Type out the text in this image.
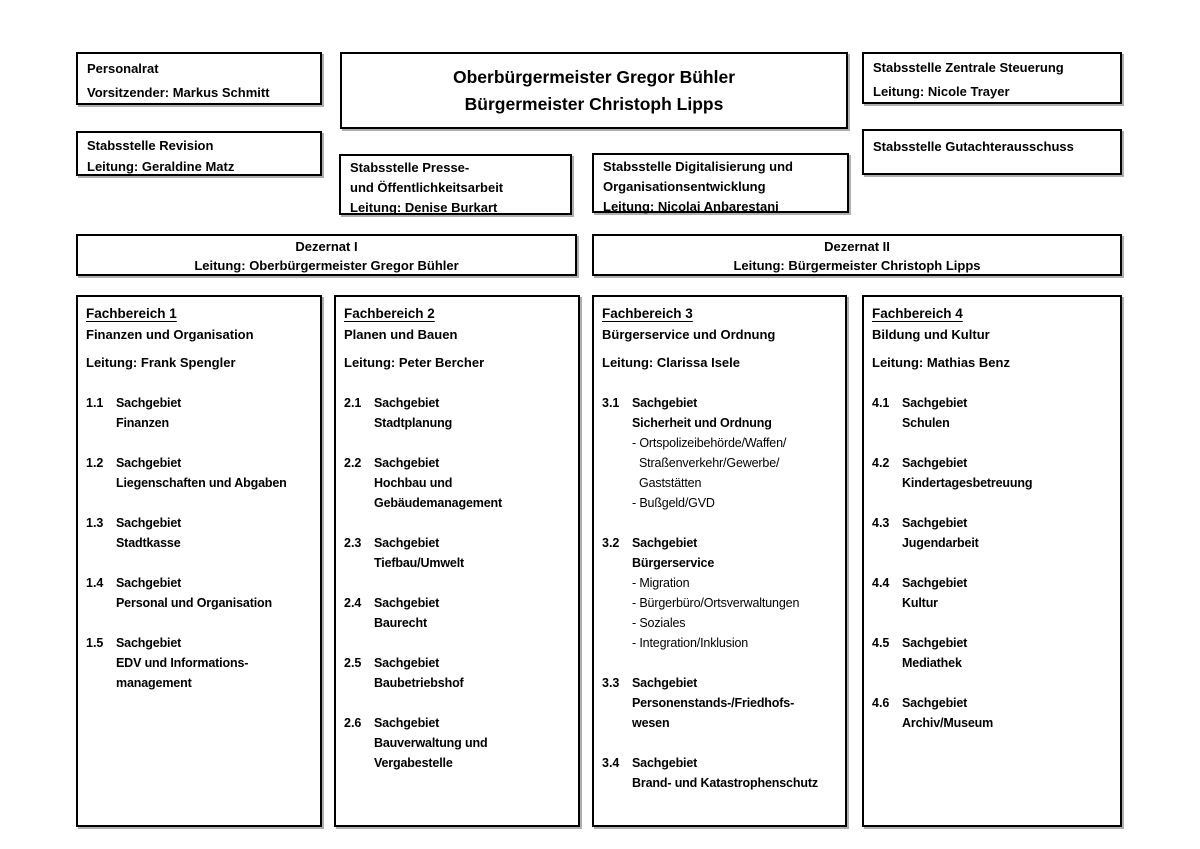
Personalrat
Vorsitzender: Markus Schmitt
Oberbürgermeister Gregor Bühler
Bürgermeister Christoph Lipps
Stabsstelle Zentrale Steuerung
Leitung: Nicole Trayer
Stabsstelle Revision
Leitung: Geraldine Matz
Stabsstelle Gutachterausschuss
Stabsstelle Presse-
und Öffentlichkeitsarbeit
Leitung: Denise Burkart
Stabsstelle Digitalisierung und
Organisationsentwicklung
Leitung: Nicolai Anbarestani
Dezernat I
Leitung: Oberbürgermeister Gregor Bühler
Dezernat II
Leitung: Bürgermeister Christoph Lipps
Fachbereich 1
Finanzen und Organisation
Leitung: Frank Spengler
1.1	Sachgebiet
Finanzen
1.2	Sachgebiet
Liegenschaften und Abgaben
1.3	Sachgebiet
Stadtkasse
1.4	Sachgebiet
Personal und Organisation
1.5	Sachgebiet
EDV und Informations-
management
Fachbereich 2
Planen und Bauen
Leitung: Peter Bercher
2.1	Sachgebiet
Stadtplanung
2.2	Sachgebiet
Hochbau und
Gebäudemanagement
2.3	Sachgebiet
Tiefbau/Umwelt
2.4	Sachgebiet
Baurecht
2.5	Sachgebiet
Baubetriebshof
2.6	Sachgebiet
Bauverwaltung und
Vergabestelle
Fachbereich 3
Bürgerservice und Ordnung
Leitung: Clarissa Isele
3.1	Sachgebiet
Sicherheit und Ordnung
- Ortspolizeibehörde/Waffen/
Straßenverkehr/Gewerbe/
Gaststätten
- Bußgeld/GVD
3.2	Sachgebiet
Bürgerservice
- Migration
- Bürgerbüro/Ortsverwaltungen
- Soziales
- Integration/Inklusion
3.3	Sachgebiet
Personenstands-/Friedhofs-
wesen
3.4	Sachgebiet
Brand- und Katastrophenschutz
Fachbereich 4
Bildung und Kultur
Leitung: Mathias Benz
4.1	Sachgebiet
Schulen
4.2	Sachgebiet
Kindertagesbetreuung
4.3	Sachgebiet
Jugendarbeit
4.4	Sachgebiet
Kultur
4.5	Sachgebiet
Mediathek
4.6	Sachgebiet
Archiv/Museum
